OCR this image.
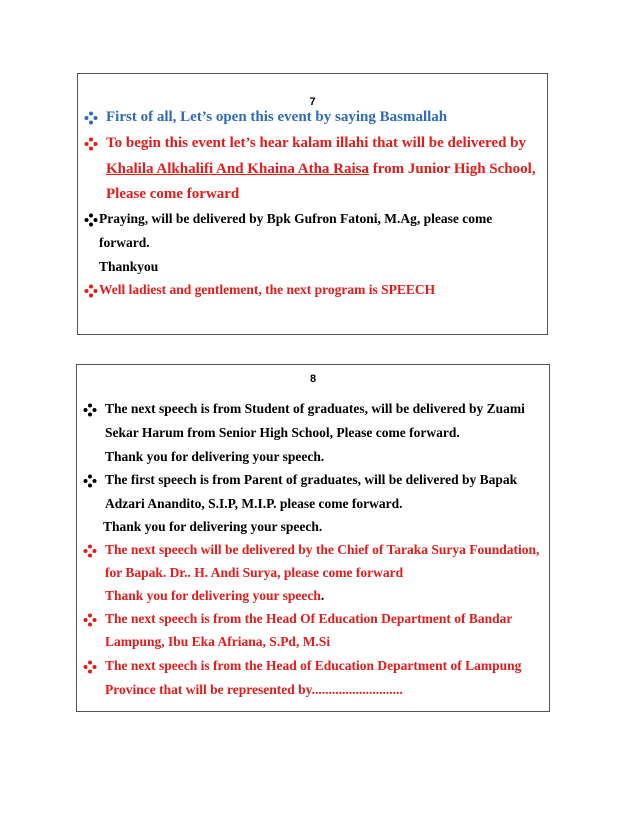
7
First of all, Let’s open this event by saying Basmallah
To begin this event let’s hear kalam illahi that will be delivered by
Khalila Alkhalifi And Khaina Atha Raisa from Junior High School,
Please come forward
Praying, will be delivered by Bpk Gufron Fatoni, M.Ag, please come
forward.
Thankyou
Well ladiest and gentlement, the next program is SPEECH
8
The next speech is from Student of graduates, will be delivered by Zuami
Sekar Harum from Senior High School, Please come forward.
Thank you for delivering your speech.
The first speech is from Parent of graduates, will be delivered by Bapak
Adzari Anandito, S.I.P, M.I.P. please come forward.
Thank you for delivering your speech.
The next speech will be delivered by the Chief of Taraka Surya Foundation,
for Bapak. Dr.. H. Andi Surya, please come forward
Thank you for delivering your speech.
The next speech is from the Head Of Education Department of Bandar
Lampung, Ibu Eka Afriana, S.Pd, M.Si
The next speech is from the Head of Education Department of Lampung
Province that will be represented by...........................
